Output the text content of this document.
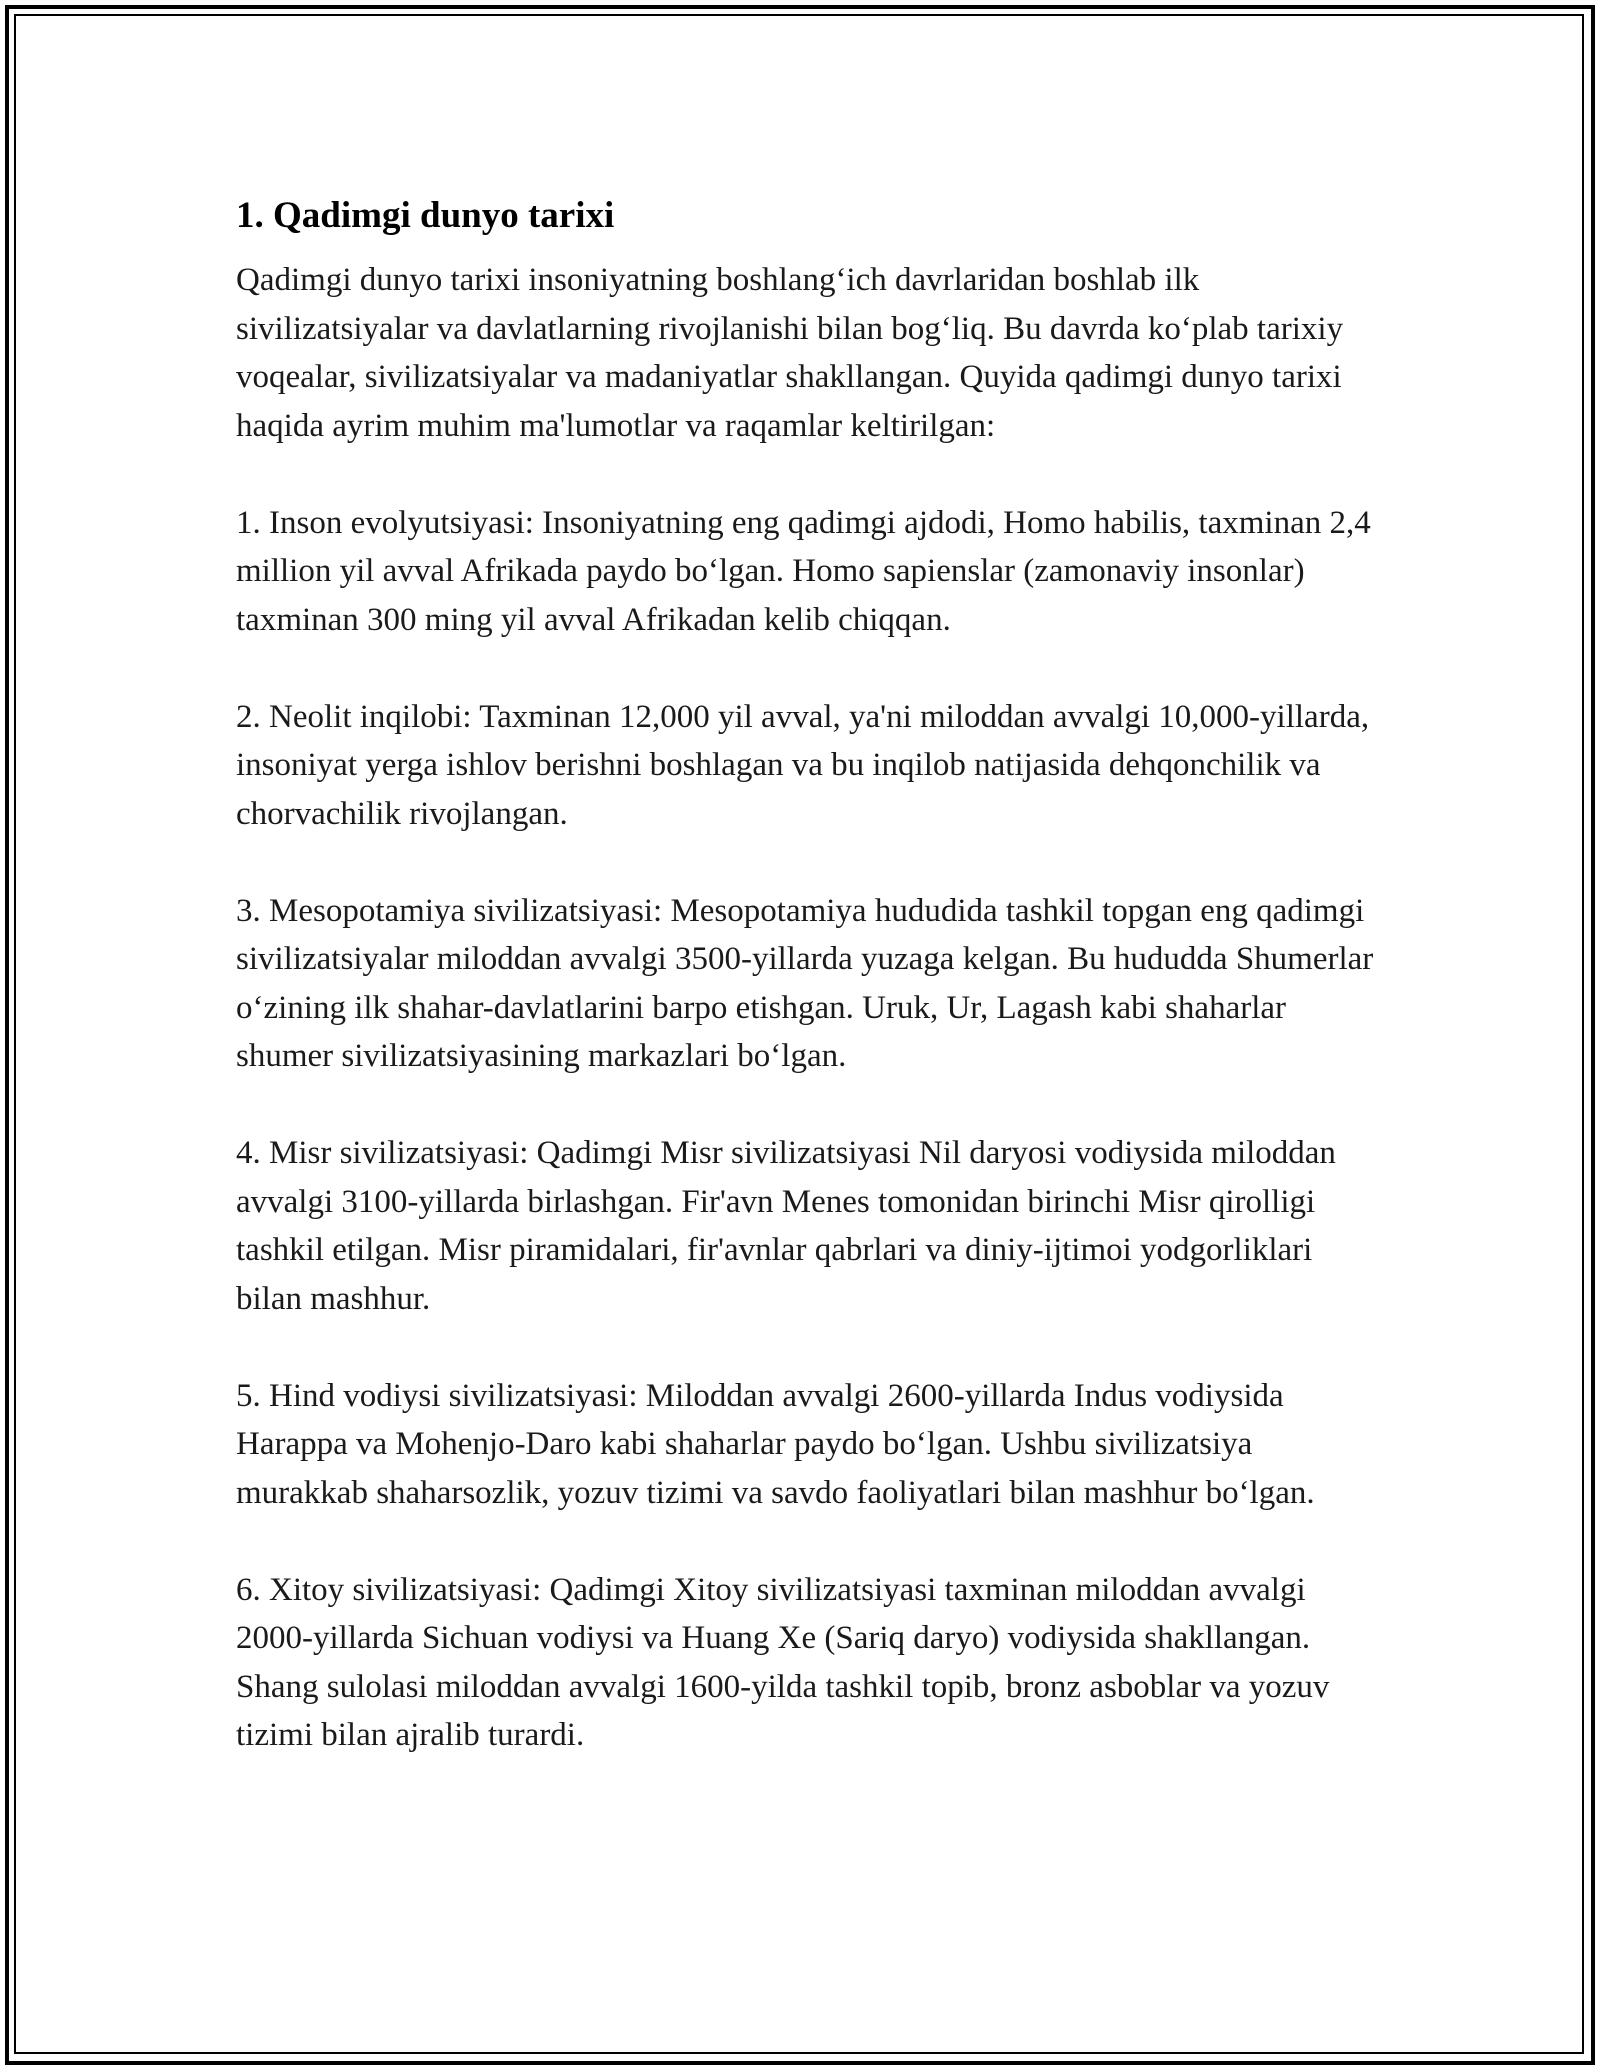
1. Qadimgi dunyo tarixi

Qadimgi dunyo tarixi insoniyatning boshlang‘ich davrlaridan boshlab ilk sivilizatsiyalar va davlatlarning rivojlanishi bilan bog‘liq. Bu davrda ko‘plab tarixiy voqealar, sivilizatsiyalar va madaniyatlar shakllangan. Quyida qadimgi dunyo tarixi haqida ayrim muhim ma'lumotlar va raqamlar keltirilgan:

1. Inson evolyutsiyasi: Insoniyatning eng qadimgi ajdodi, Homo habilis, taxminan 2,4 million yil avval Afrikada paydo bo‘lgan. Homo sapienslar (zamonaviy insonlar) taxminan 300 ming yil avval Afrikadan kelib chiqqan.

2. Neolit inqilobi: Taxminan 12,000 yil avval, ya'ni miloddan avvalgi 10,000-yillarda, insoniyat yerga ishlov berishni boshlagan va bu inqilob natijasida dehqonchilik va chorvachilik rivojlangan.

3. Mesopotamiya sivilizatsiyasi: Mesopotamiya hududida tashkil topgan eng qadimgi sivilizatsiyalar miloddan avvalgi 3500-yillarda yuzaga kelgan. Bu hududda Shumerlar o‘zining ilk shahar-davlatlarini barpo etishgan. Uruk, Ur, Lagash kabi shaharlar shumer sivilizatsiyasining markazlari bo‘lgan.

4. Misr sivilizatsiyasi: Qadimgi Misr sivilizatsiyasi Nil daryosi vodiysida miloddan avvalgi 3100-yillarda birlashgan. Fir'avn Menes tomonidan birinchi Misr qirolligi tashkil etilgan. Misr piramidalari, fir'avnlar qabrlari va diniy-ijtimoi yodgorliklari bilan mashhur.

5. Hind vodiysi sivilizatsiyasi: Miloddan avvalgi 2600-yillarda Indus vodiysida Harappa va Mohenjo-Daro kabi shaharlar paydo bo‘lgan. Ushbu sivilizatsiya murakkab shaharsozlik, yozuv tizimi va savdo faoliyatlari bilan mashhur bo‘lgan.

6. Xitoy sivilizatsiyasi: Qadimgi Xitoy sivilizatsiyasi taxminan miloddan avvalgi 2000-yillarda Sichuan vodiysi va Huang Xe (Sariq daryo) vodiysida shakllangan. Shang sulolasi miloddan avvalgi 1600-yilda tashkil topib, bronz asboblar va yozuv tizimi bilan ajralib turardi.
